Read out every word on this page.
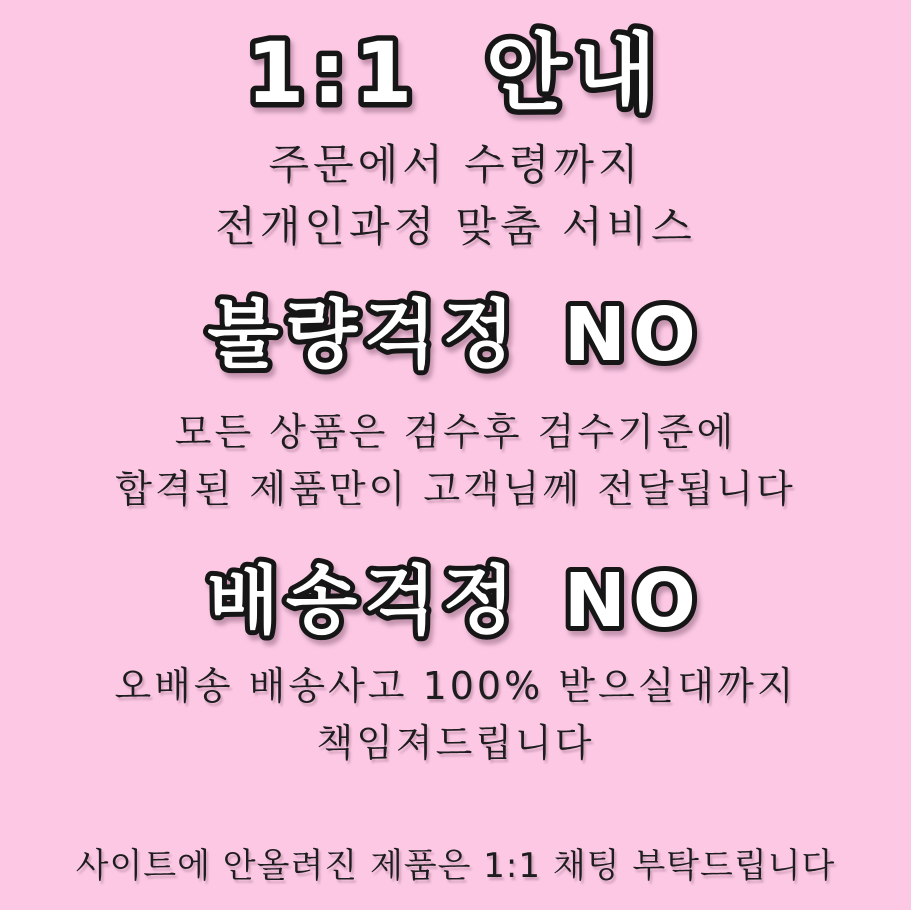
1:1 안내
주문에서 수령까지
전개인과정 맞춤 서비스
불량걱정 NO
모든 상품은 검수후 검수기준에
합격된 제품만이 고객님께 전달됩니다
배송걱정 NO
오배송 배송사고 100% 받으실대까지
책임져드립니다
사이트에 안올려진 제품은 1:1 채팅 부탁드립니다
